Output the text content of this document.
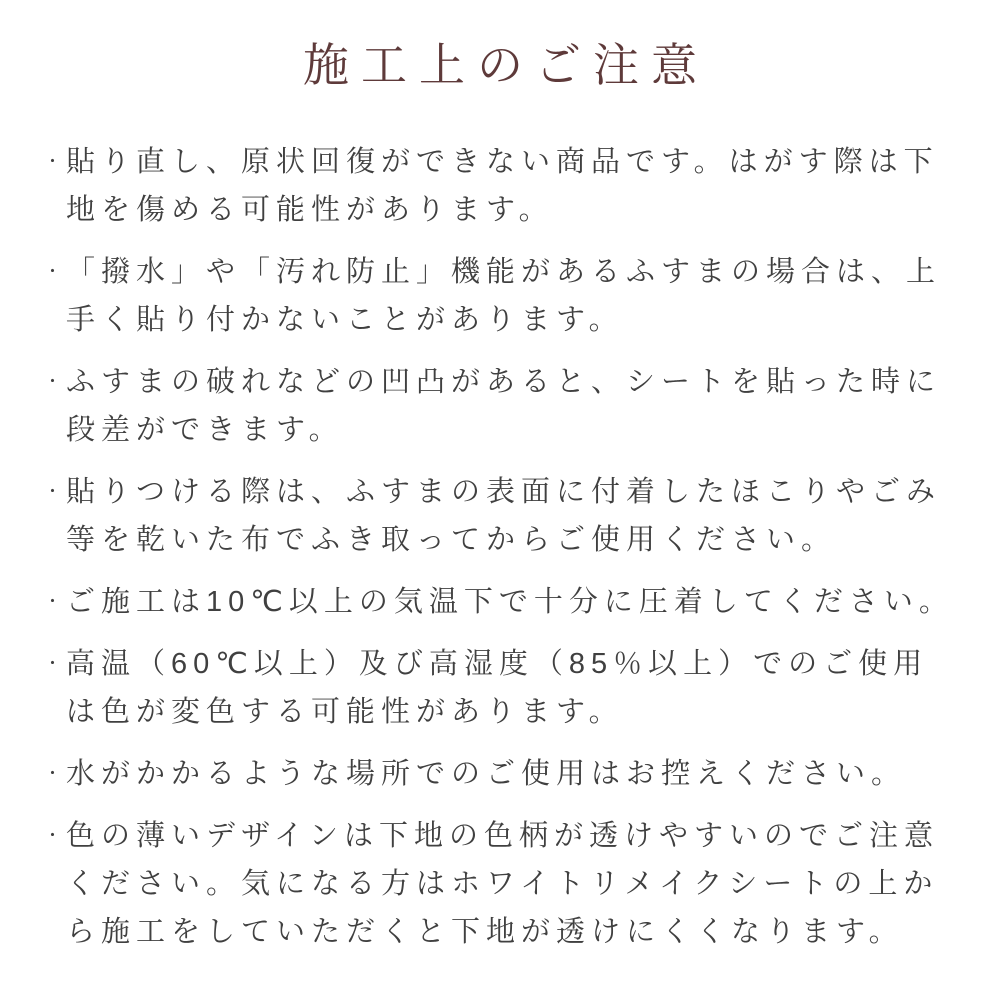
施工上のご注意
・ 貼り直し、原状回復ができない商品です。はがす際は下地を傷める可能性があります。

・ 「撥水」や「汚れ防止」機能があるふすまの場合は、上手く貼り付かないことがあります。

・ ふすまの破れなどの凹凸があると、シートを貼った時に段差ができます。

・ 貼りつける際は、ふすまの表面に付着したほこりやごみ等を乾いた布でふき取ってからご使用ください。

・ ご施工は10℃以上の気温下で十分に圧着してください。

・ 高温（60℃以上）及び高湿度（85％以上）でのご使用は色が変色する可能性があります。

・ 水がかかるような場所でのご使用はお控えください。

・ 色の薄いデザインは下地の色柄が透けやすいのでご注意ください。気になる方はホワイトリメイクシートの上から施工をしていただくと下地が透けにくくなります。
